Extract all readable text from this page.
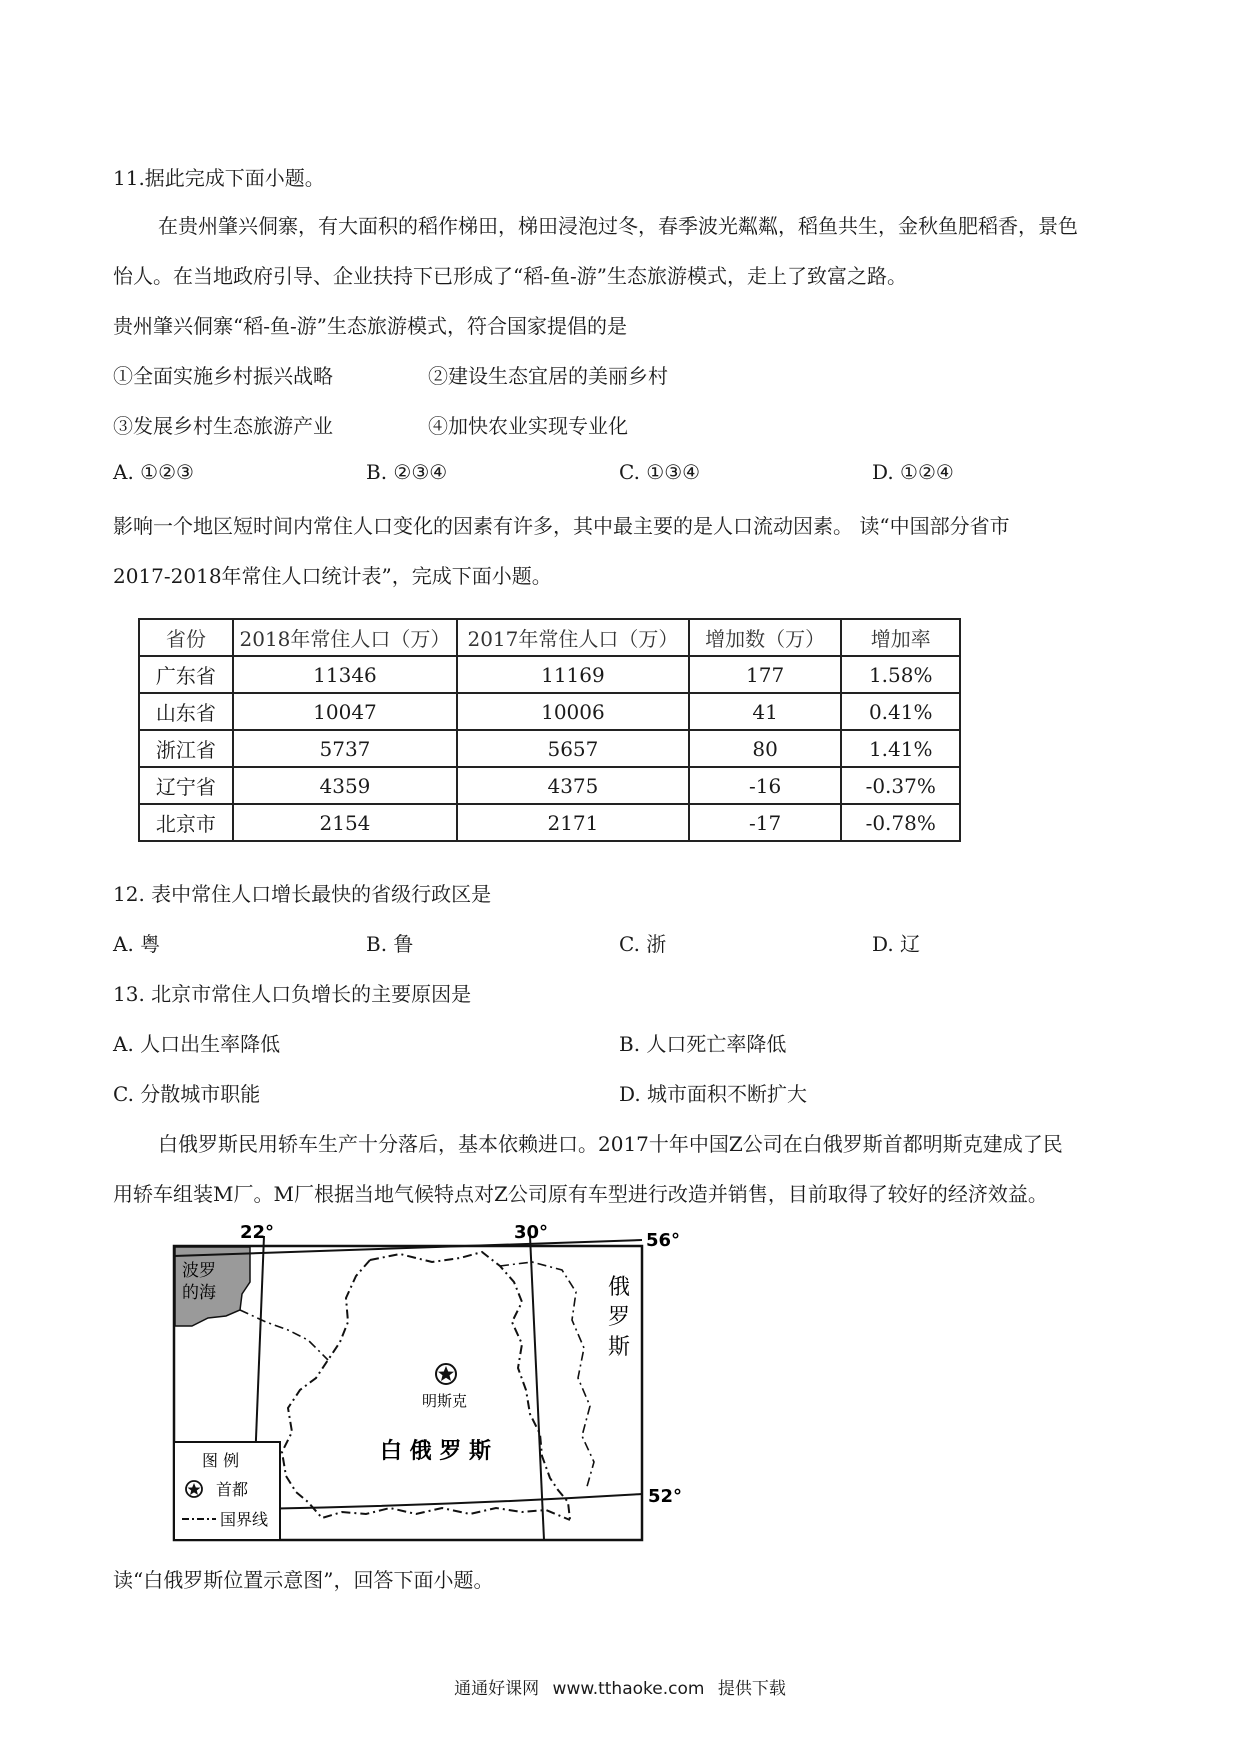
11.据此完成下面小题。
在贵州肇兴侗寨，有大面积的稻作梯田，梯田浸泡过冬，春季波光粼粼，稻鱼共生，金秋鱼肥稻香，景色
怡人。在当地政府引导、企业扶持下已形成了“稻-鱼-游”生态旅游模式，走上了致富之路。
贵州肇兴侗寨“稻-鱼-游”生态旅游模式，符合国家提倡的是
①全面实施乡村振兴战略	②建设生态宜居的美丽乡村
③发展乡村生态旅游产业	④加快农业实现专业化
A. ①②③	B. ②③④	C. ①③④	D. ①②④
影响一个地区短时间内常住人口变化的因素有许多，其中最主要的是人口流动因素。 读“中国部分省市
2017-2018年常住人口统计表”，完成下面小题。
省份	2018年常住人口（万）	2017年常住人口（万）	增加数（万）	增加率
广东省	11346	11169	177	1.58%
山东省	10047	10006	41	0.41%
浙江省	5737	5657	80	1.41%
辽宁省	4359	4375	-16	-0.37%
北京市	2154	2171	-17	-0.78%
12. 表中常住人口增长最快的省级行政区是
A. 粤	B. 鲁	C. 浙	D. 辽
13. 北京市常住人口负增长的主要原因是
A. 人口出生率降低	B. 人口死亡率降低
C. 分散城市职能	D. 城市面积不断扩大
白俄罗斯民用轿车生产十分落后，基本依赖进口。2017十年中国Z公司在白俄罗斯首都明斯克建成了民
用轿车组装M厂。M厂根据当地气候特点对Z公司原有车型进行改造并销售，目前取得了较好的经济效益。
波罗
的海
22°	30°	56°
52°
俄
罗
斯
明斯克
白 俄 罗 斯
图 例
首都
国界线
读“白俄罗斯位置示意图”，回答下面小题。
通通好课网 www.tthaoke.com 提供下载
